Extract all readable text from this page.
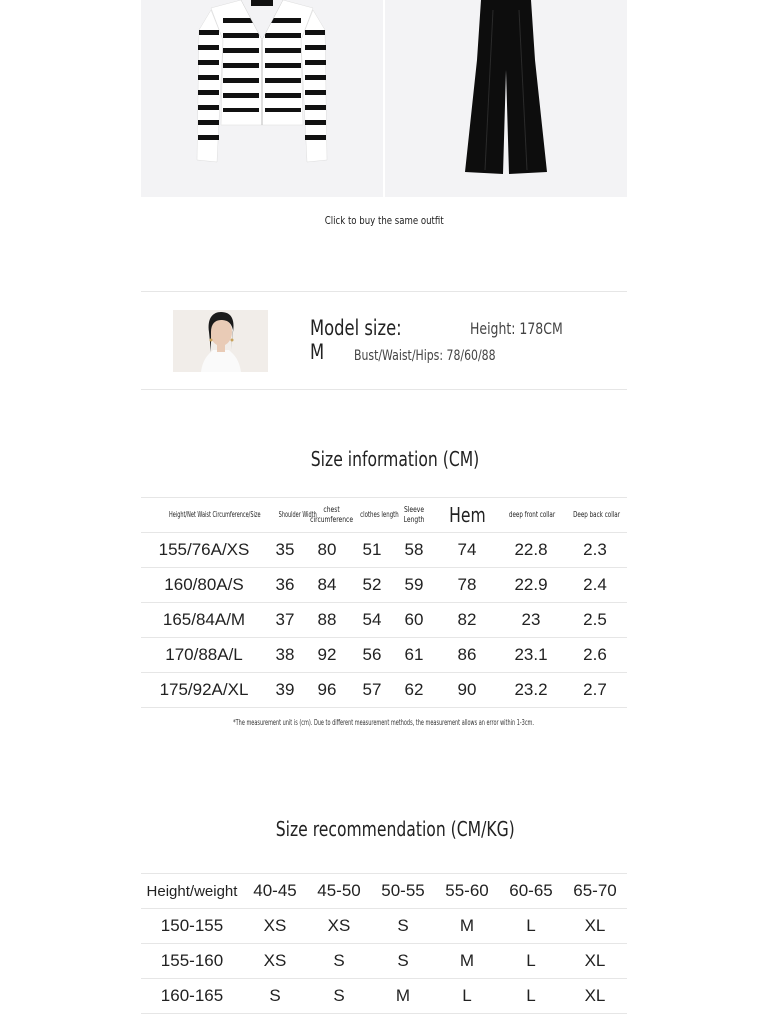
Click to buy the same outfit
Model size: M
Height: 178CM
Bust/Waist/Hips: 78/60/88
Size information (CM)
Height/Net Waist Circumference/Size	Shoulder Width	chest circumference	clothes length	Sleeve Length	Hem	deep front collar	Deep back collar
155/76A/XS	35	80	51	58	74	22.8	2.3
160/80A/S	36	84	52	59	78	22.9	2.4
165/84A/M	37	88	54	60	82	23	2.5
170/88A/L	38	92	56	61	86	23.1	2.6
175/92A/XL	39	96	57	62	90	23.2	2.7
*The measurement unit is (cm). Due to different measurement methods, the measurement allows an error within 1-3cm.
Size recommendation (CM/KG)
Height/weight	40-45	45-50	50-55	55-60	60-65	65-70
150-155	XS	XS	S	M	L	XL
155-160	XS	S	S	M	L	XL
160-165	S	S	M	L	L	XL
